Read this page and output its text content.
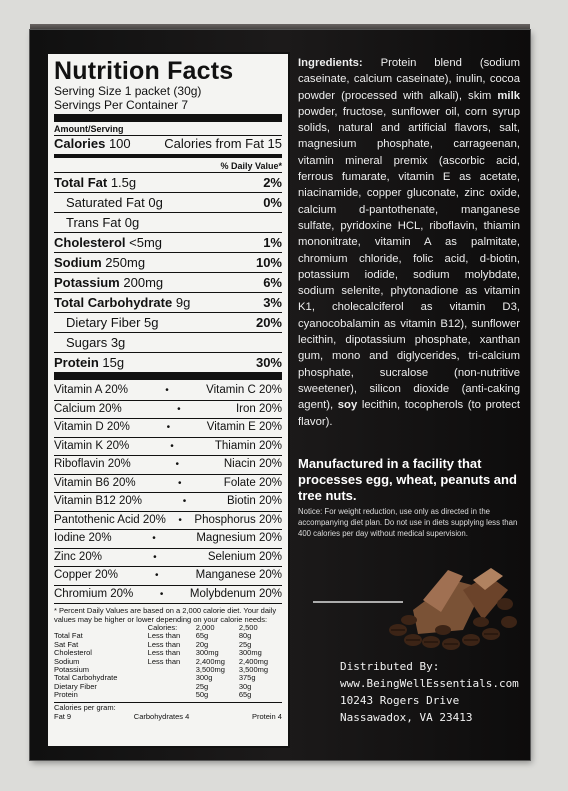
Nutrition Facts
Serving Size 1 packet (30g)
Servings Per Container 7
Amount/Serving
Calories 100	Calories from Fat 15
% Daily Value*
Total Fat 1.5g	2%
Saturated Fat 0g	0%
Trans Fat 0g
Cholesterol <5mg	1%
Sodium 250mg	10%
Potassium 200mg	6%
Total Carbohydrate 9g	3%
Dietary Fiber 5g	20%
Sugars 3g
Protein 15g	30%
Vitamin A 20%	•	Vitamin C 20%
Calcium 20%	•	Iron 20%
Vitamin D 20%	•	Vitamin E 20%
Vitamin K 20%	•	Thiamin 20%
Riboflavin 20%	•	Niacin 20%
Vitamin B6 20%	•	Folate 20%
Vitamin B12 20%	•	Biotin 20%
Pantothenic Acid 20% • Phosphorus 20%
Iodine 20%	•	Magnesium 20%
Zinc 20%	•	Selenium 20%
Copper 20%	•	Manganese 20%
Chromium 20%	• Molybdenum 20%
* Percent Daily Values are based on a 2,000 calorie diet. Your daily values may be higher or lower depending on your calorie needs:
	Calories:	2,000	2,500
Total Fat	Less than	65g	80g
Sat Fat	Less than	20g	25g
Cholesterol	Less than	300mg	300mg
Sodium	Less than	2,400mg	2,400mg
Potassium		3,500mg	3,500mg
Total Carbohydrate		300g	375g
Dietary Fiber		25g	30g
Protein		50g	65g
Calories per gram:
Fat 9	Carbohydrates 4	Protein 4
Ingredients: Protein blend (sodium caseinate, calcium caseinate), inulin, cocoa powder (processed with alkali), skim milk powder, fructose, sunflower oil, corn syrup solids, natural and artificial flavors, salt, magnesium phosphate, carrageenan, vitamin mineral premix (ascorbic acid, ferrous fumarate, vitamin E as acetate, niacinamide, copper gluconate, zinc oxide, calcium d-pantothenate, manganese sulfate, pyridoxine HCL, riboflavin, thiamin mononitrate, vitamin A as palmitate, chromium chloride, folic acid, d-biotin, potassium iodide, sodium molybdate, sodium selenite, phytonadione as vitamin K1, cholecalciferol as vitamin D3, cyanocobalamin as vitamin B12), sunflower lecithin, dipotassium phosphate, xanthan gum, mono and diglycerides, tri-calcium phosphate, sucralose (non-nutritive sweetener), silicon dioxide (anti-caking agent), soy lecithin, tocopherols (to protect flavor).
Manufactured in a facility that processes egg, wheat, peanuts and tree nuts.
Notice: For weight reduction, use only as directed in the accompanying diet plan. Do not use in diets supplying less than 400 calories per day without medical supervision.
Distributed By:
www.BeingWellEssentials.com
10243 Rogers Drive
Nassawadox, VA 23413
